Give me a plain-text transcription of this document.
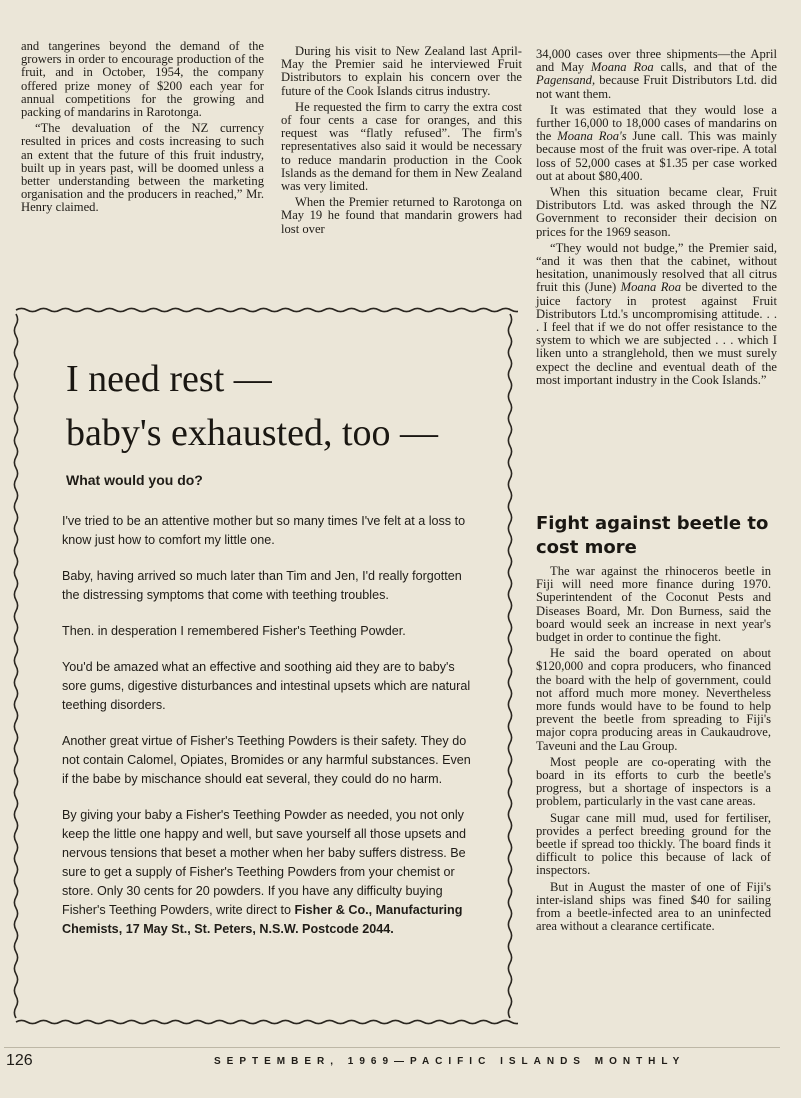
and tangerines beyond the demand of the growers in order to encourage production of the fruit, and in October, 1954, the company offered prize money of $200 each year for annual competitions for the growing and packing of mandarins in Rarotonga.

“The devaluation of the NZ currency resulted in prices and costs increasing to such an extent that the future of this fruit industry, built up in years past, will be doomed unless a better understanding between the marketing organisation and the producers in reached,” Mr. Henry claimed.

During his visit to New Zealand last April-May the Premier said he interviewed Fruit Distributors to explain his concern over the future of the Cook Islands citrus industry.

He requested the firm to carry the extra cost of four cents a case for oranges, and this request was “flatly refused”. The firm's representatives also said it would be necessary to reduce mandarin production in the Cook Islands as the demand for them in New Zealand was very limited.

When the Premier returned to Rarotonga on May 19 he found that mandarin growers had lost over

34,000 cases over three shipments—the April and May Moana Roa calls, and that of the Pagensand, because Fruit Distributors Ltd. did not want them.

It was estimated that they would lose a further 16,000 to 18,000 cases of mandarins on the Moana Roa's June call. This was mainly because most of the fruit was over-ripe. A total loss of 52,000 cases at $1.35 per case worked out at about $80,400.

When this situation became clear, Fruit Distributors Ltd. was asked through the NZ Government to reconsider their decision on prices for the 1969 season.

“They would not budge,” the Premier said, “and it was then that the cabinet, without hesitation, unanimously resolved that all citrus fruit this (June) Moana Roa be diverted to the juice factory in protest against Fruit Distributors Ltd.'s uncompromising attitude. . . . I feel that if we do not offer resistance to the system to which we are subjected . . . which I liken unto a stranglehold, then we must surely expect the decline and eventual death of the most important industry in the Cook Islands.”

I need rest —
baby's exhausted, too —
What would you do?

I've tried to be an attentive mother but so many times I've felt at a loss to know just how to comfort my little one.

Baby, having arrived so much later than Tim and Jen, I'd really forgotten the distressing symptoms that come with teething troubles.

Then. in desperation I remembered Fisher's Teething Powder.

You'd be amazed what an effective and soothing aid they are to baby's sore gums, digestive disturbances and intestinal upsets which are natural teething disorders.

Another great virtue of Fisher's Teething Powders is their safety. They do not contain Calomel, Opiates, Bromides or any harmful substances. Even if the babe by mischance should eat several, they could do no harm.

By giving your baby a Fisher's Teething Powder as needed, you not only keep the little one happy and well, but save yourself all those upsets and nervous tensions that beset a mother when her baby suffers distress. Be sure to get a supply of Fisher's Teething Powders from your chemist or store. Only 30 cents for 20 powders. If you have any difficulty buying Fisher's Teething Powders, write direct to Fisher & Co., Manufacturing Chemists, 17 May St., St. Peters, N.S.W. Postcode 2044.

Fight against beetle to cost more

The war against the rhinoceros beetle in Fiji will need more finance during 1970. Superintendent of the Coconut Pests and Diseases Board, Mr. Don Burness, said the board would seek an increase in next year's budget in order to continue the fight.

He said the board operated on about $120,000 and copra producers, who financed the board with the help of government, could not afford much more money. Nevertheless more funds would have to be found to help prevent the beetle from spreading to Fiji's major copra producing areas in Caukaudrove, Taveuni and the Lau Group.

Most people are co-operating with the board in its efforts to curb the beetle's progress, but a shortage of inspectors is a problem, particularly in the vast cane areas.

Sugar cane mill mud, used for fertiliser, provides a perfect breeding ground for the beetle if spread too thickly. The board finds it difficult to police this because of lack of inspectors.

But in August the master of one of Fiji's inter-island ships was fined $40 for sailing from a beetle-infected area to an uninfected area without a clearance certificate.

126	SEPTEMBER, 1969—PACIFIC ISLANDS MONTHLY
